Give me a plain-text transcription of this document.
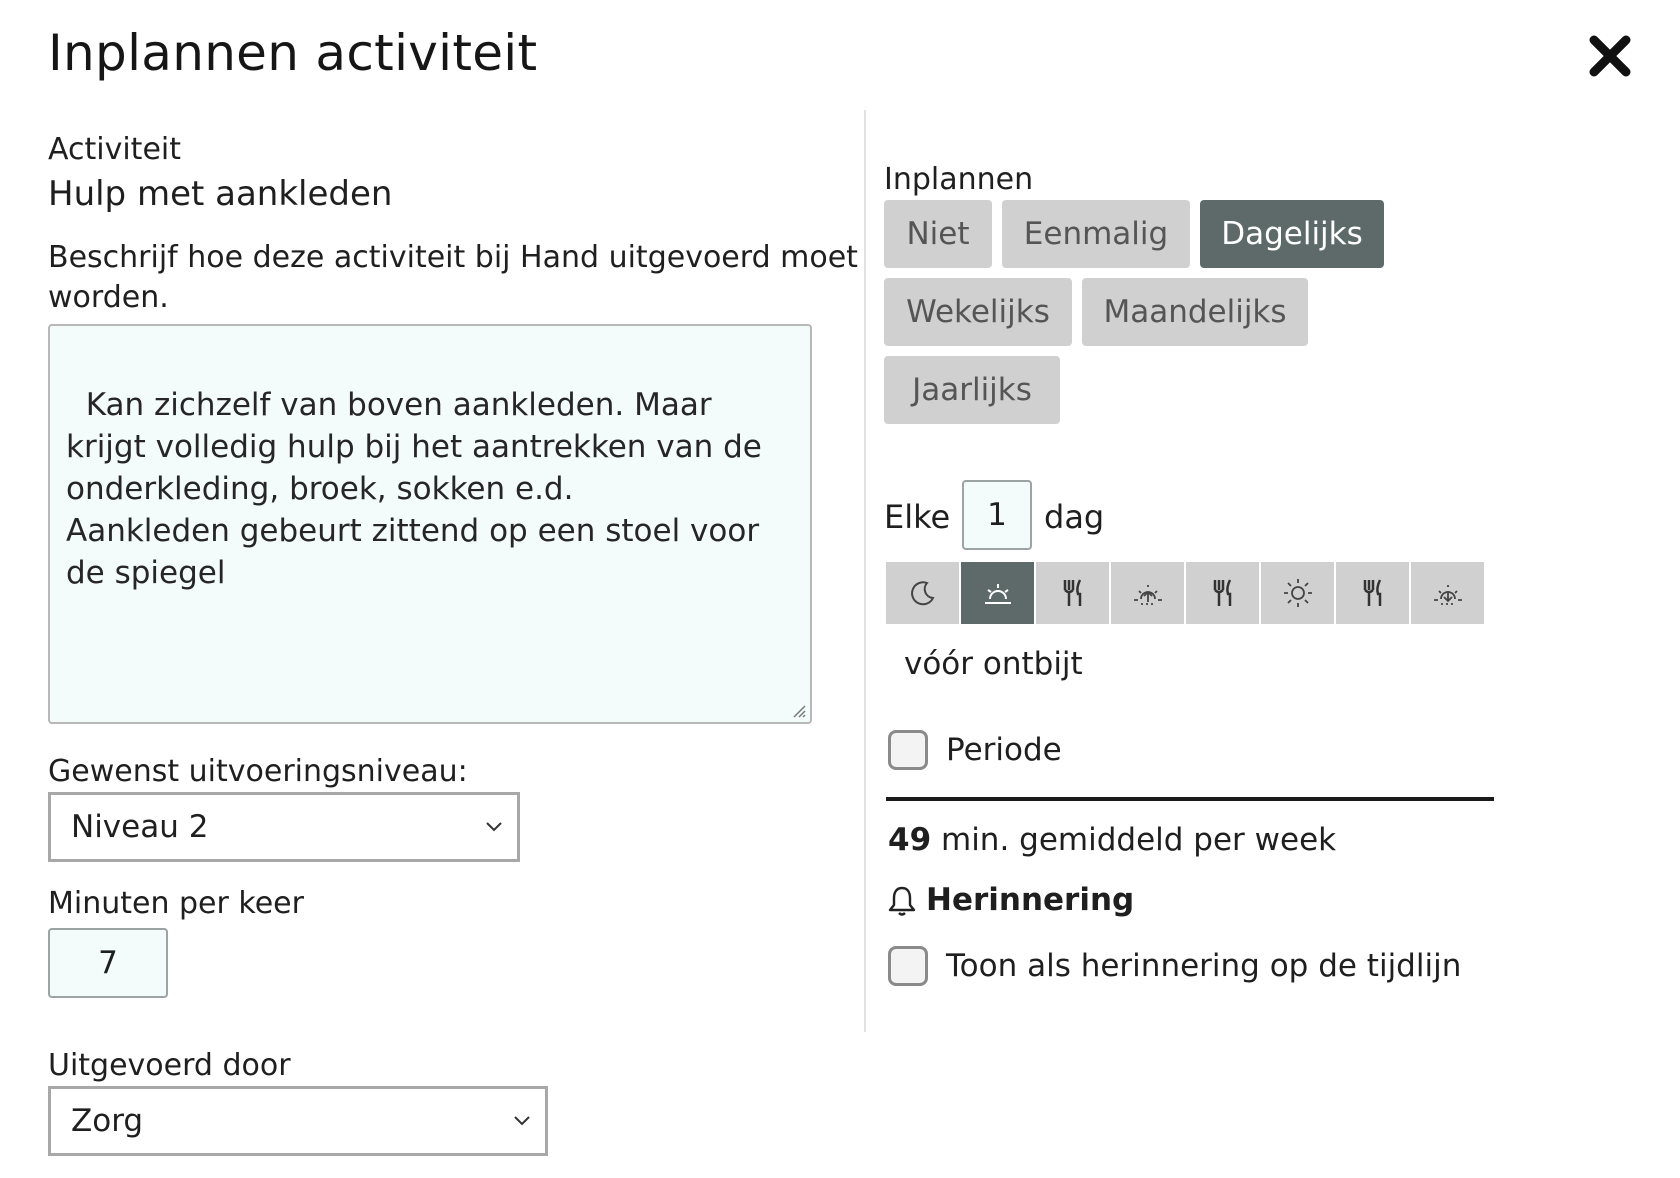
Inplannen activiteit
Activiteit
Hulp met aankleden
Beschrijf hoe deze activiteit bij Hand uitgevoerd moet worden.

Kan zichzelf van boven aankleden. Maar krijgt volledig hulp bij het aantrekken van de onderkleding, broek, sokken e.d.
Aankleden gebeurt zittend op een stoel voor de spiegel

Gewenst uitvoeringsniveau:
Niveau 2
Minuten per keer
7
Uitgevoerd door
Zorg
Inplannen
Niet	Eenmalig	Dagelijks
Wekelijks	Maandelijks
Jaarlijks
Elke	1	dag
vóór ontbijt
Periode
49 min. gemiddeld per week
Herinnering
Toon als herinnering op de tijdlijn
